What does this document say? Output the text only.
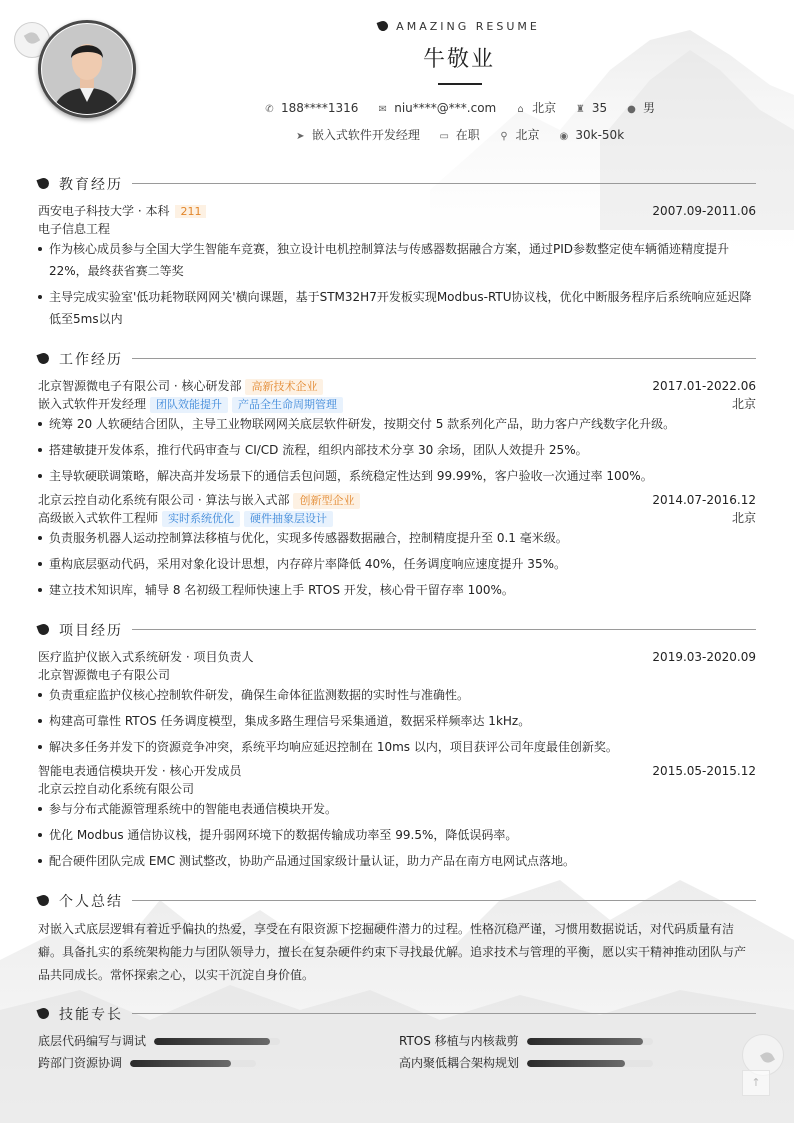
AMAZING RESUME
牛敬业
✆ 188****1316 ✉ niu****@***.com ⌂ 北京 ♜ 35 ● 男
➤ 嵌入式软件开发经理 ▭ 在职 ⚲ 北京 ◉ 30k-50k
教育经历
西安电子科技大学 · 本科 211	2007.09-2011.06
电子信息工程
作为核心成员参与全国大学生智能车竞赛，独立设计电机控制算法与传感器数据融合方案，通过PID参数整定使车辆循迹精度提升22%，最终获省赛二等奖
主导完成实验室'低功耗物联网网关'横向课题，基于STM32H7开发板实现Modbus-RTU协议栈，优化中断服务程序后系统响应延迟降低至5ms以内
工作经历
北京智源微电子有限公司 · 核心研发部 高新技术企业	2017.01-2022.06
嵌入式软件开发经理 团队效能提升 产品全生命周期管理	北京
统筹 20 人软硬结合团队，主导工业物联网网关底层软件研发，按期交付 5 款系列化产品，助力客户产线数字化升级。
搭建敏捷开发体系，推行代码审查与 CI/CD 流程，组织内部技术分享 30 余场，团队人效提升 25%。
主导软硬联调策略，解决高并发场景下的通信丢包问题，系统稳定性达到 99.99%，客户验收一次通过率 100%。
北京云控自动化系统有限公司 · 算法与嵌入式部 创新型企业	2014.07-2016.12
高级嵌入式软件工程师 实时系统优化 硬件抽象层设计	北京
负责服务机器人运动控制算法移植与优化，实现多传感器数据融合，控制精度提升至 0.1 毫米级。
重构底层驱动代码，采用对象化设计思想，内存碎片率降低 40%，任务调度响应速度提升 35%。
建立技术知识库，辅导 8 名初级工程师快速上手 RTOS 开发，核心骨干留存率 100%。
项目经历
医疗监护仪嵌入式系统研发 · 项目负责人	2019.03-2020.09
北京智源微电子有限公司
负责重症监护仪核心控制软件研发，确保生命体征监测数据的实时性与准确性。
构建高可靠性 RTOS 任务调度模型，集成多路生理信号采集通道，数据采样频率达 1kHz。
解决多任务并发下的资源竞争冲突，系统平均响应延迟控制在 10ms 以内，项目获评公司年度最佳创新奖。
智能电表通信模块开发 · 核心开发成员	2015.05-2015.12
北京云控自动化系统有限公司
参与分布式能源管理系统中的智能电表通信模块开发。
优化 Modbus 通信协议栈，提升弱网环境下的数据传输成功率至 99.5%，降低误码率。
配合硬件团队完成 EMC 测试整改，协助产品通过国家级计量认证，助力产品在南方电网试点落地。
个人总结
对嵌入式底层逻辑有着近乎偏执的热爱，享受在有限资源下挖掘硬件潜力的过程。性格沉稳严谨，习惯用数据说话，对代码质量有洁癖。具备扎实的系统架构能力与团队领导力，擅长在复杂硬件约束下寻找最优解。追求技术与管理的平衡，愿以实干精神推动团队与产品共同成长。常怀探索之心，以实干沉淀自身价值。
技能专长
底层代码编写与调试	RTOS 移植与内核裁剪
跨部门资源协调	高内聚低耦合架构规划
↑
